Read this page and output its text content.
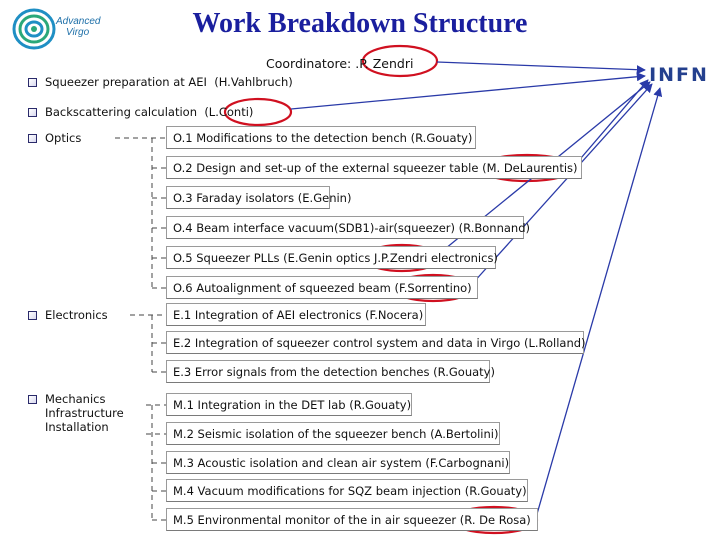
Advanced
Virgo	Work Breakdown Structure
INFN
Coordinatore: .P. Zendri
Squeezer preparation at AEI
(H.Vahlbruch)
Backscattering calculation
(L.Conti)
Optics
Electronics
Mechanics
Infrastructure
Installation
O.1 Modifications to the detection bench (R.Gouaty)
O.2 Design and set-up of the external squeezer table (M. DeLaurentis)
O.3 Faraday isolators (E.Genin)
O.4 Beam interface vacuum(SDB1)-air(squeezer) (R.Bonnand)
O.5 Squeezer PLLs (E.Genin optics J.P.Zendri electronics)
O.6 Autoalignment of squeezed beam (F.Sorrentino)
E.1 Integration of AEI electronics (F.Nocera)
E.2 Integration of squeezer control system and data in Virgo (L.Rolland)
E.3 Error signals from the detection benches (R.Gouaty)
M.1 Integration in the DET lab (R.Gouaty)
M.2 Seismic isolation of the squeezer bench (A.Bertolini)
M.3 Acoustic isolation and clean air system (F.Carbognani)
M.4 Vacuum modifications for SQZ beam injection (R.Gouaty)
M.5 Environmental monitor of the in air squeezer (R. De Rosa)
